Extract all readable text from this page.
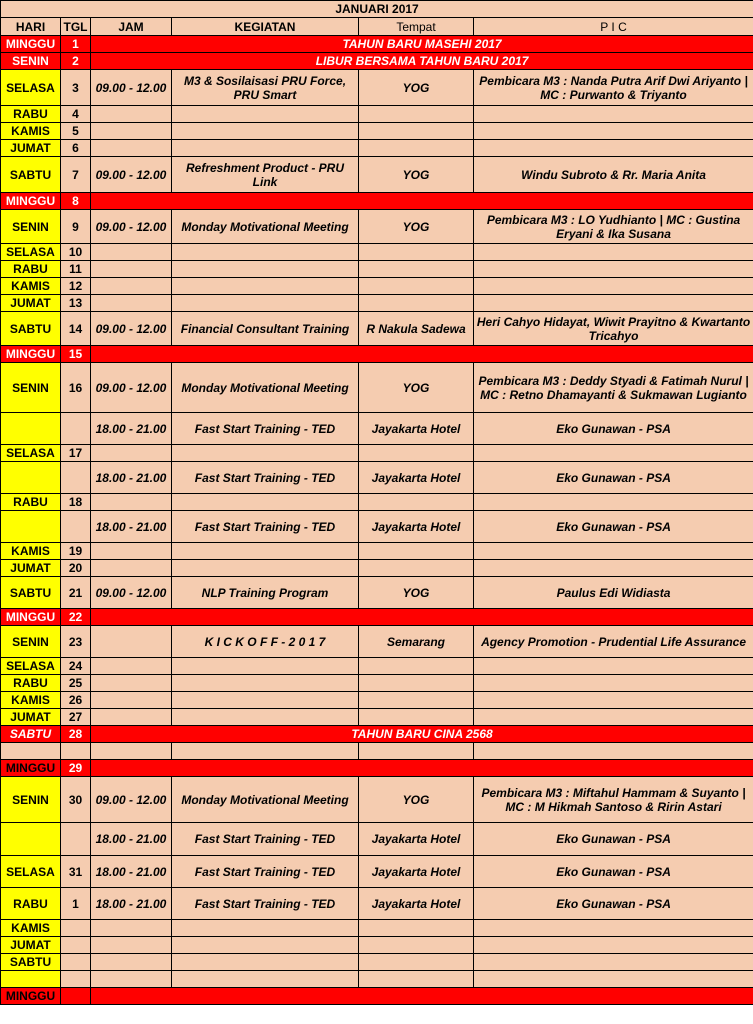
JANUARI 2017					
HARI	TGL	JAM	KEGIATAN	Tempat	P I C
MINGGU	1	TAHUN BARU MASEHI 2017			
SENIN	2	LIBUR BERSAMA TAHUN BARU 2017			
SELASA	3	09.00 - 12.00	M3 & Sosilaisasi PRU Force, PRU Smart	YOG	Pembicara M3 : Nanda Putra Arif Dwi Ariyanto | MC : Purwanto & Triyanto
RABU	4				
KAMIS	5				
JUMAT	6				
SABTU	7	09.00 - 12.00	Refreshment Product - PRU Link	YOG	Windu Subroto & Rr. Maria Anita
MINGGU	8				
SENIN	9	09.00 - 12.00	Monday Motivational Meeting	YOG	Pembicara M3 : LO Yudhianto | MC : Gustina Eryani & Ika Susana
SELASA	10				
RABU	11				
KAMIS	12				
JUMAT	13				
SABTU	14	09.00 - 12.00	Financial Consultant Training	R Nakula Sadewa	Heri Cahyo Hidayat, Wiwit Prayitno & Kwartanto Tricahyo
MINGGU	15				
SENIN	16	09.00 - 12.00	Monday Motivational Meeting	YOG	Pembicara M3 : Deddy Styadi & Fatimah Nurul | MC : Retno Dhamayanti & Sukmawan Lugianto
		18.00 - 21.00	Fast Start Training - TED	Jayakarta Hotel	Eko Gunawan - PSA
SELASA	17				
		18.00 - 21.00	Fast Start Training - TED	Jayakarta Hotel	Eko Gunawan - PSA
RABU	18				
		18.00 - 21.00	Fast Start Training - TED	Jayakarta Hotel	Eko Gunawan - PSA
KAMIS	19				
JUMAT	20				
SABTU	21	09.00 - 12.00	NLP Training Program	YOG	Paulus Edi Widiasta
MINGGU	22				
SENIN	23		K I C K O F F - 2 0 1 7	Semarang	Agency Promotion - Prudential Life Assurance
SELASA	24				
RABU	25				
KAMIS	26				
JUMAT	27				
SABTU	28	TAHUN BARU CINA 2568			

MINGGU	29				
SENIN	30	09.00 - 12.00	Monday Motivational Meeting	YOG	Pembicara M3 : Miftahul Hammam & Suyanto | MC : M Hikmah Santoso & Ririn Astari
		18.00 - 21.00	Fast Start Training - TED	Jayakarta Hotel	Eko Gunawan - PSA
SELASA	31	18.00 - 21.00	Fast Start Training - TED	Jayakarta Hotel	Eko Gunawan - PSA
RABU	1	18.00 - 21.00	Fast Start Training - TED	Jayakarta Hotel	Eko Gunawan - PSA
KAMIS					
JUMAT					
SABTU					

MINGGU					
